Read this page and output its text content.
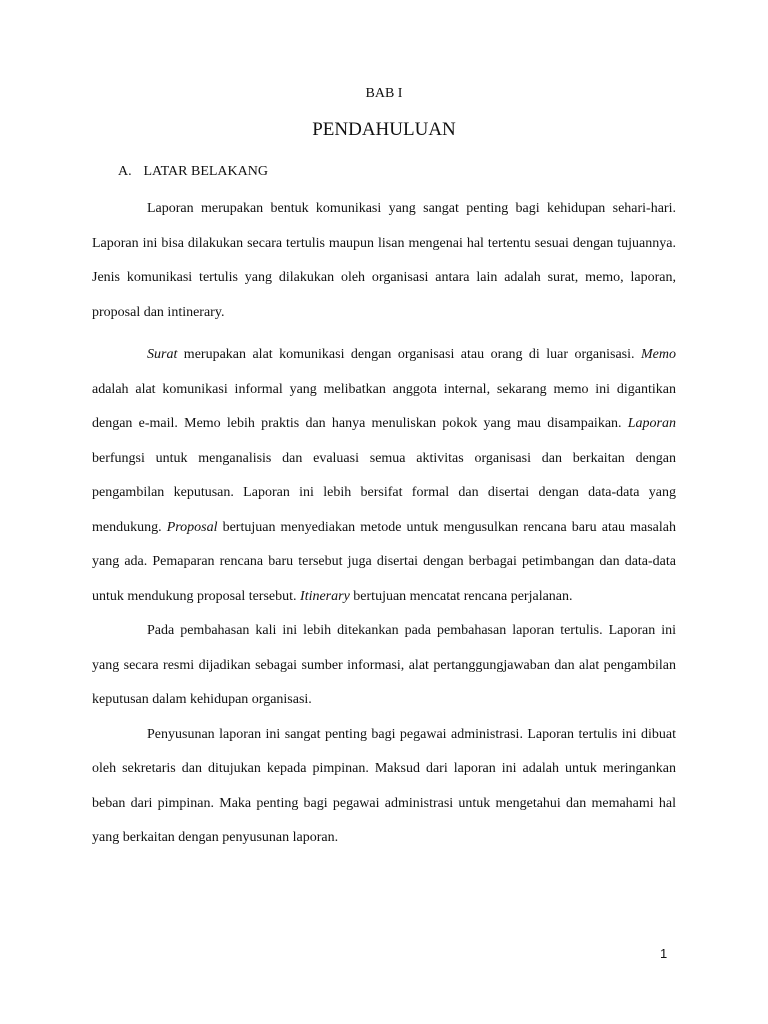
BAB I
PENDAHULUAN
A. LATAR BELAKANG

Laporan merupakan bentuk komunikasi yang sangat penting bagi kehidupan sehari-hari. Laporan ini bisa dilakukan secara tertulis maupun lisan mengenai hal tertentu sesuai dengan tujuannya. Jenis komunikasi tertulis yang dilakukan oleh organisasi antara lain adalah surat, memo, laporan, proposal dan intinerary.

Surat merupakan alat komunikasi dengan organisasi atau orang di luar organisasi. Memo adalah alat komunikasi informal yang melibatkan anggota internal, sekarang memo ini digantikan dengan e-mail. Memo lebih praktis dan hanya menuliskan pokok yang mau disampaikan. Laporan berfungsi untuk menganalisis dan evaluasi semua aktivitas organisasi dan berkaitan dengan pengambilan keputusan. Laporan ini lebih bersifat formal dan disertai dengan data-data yang mendukung. Proposal bertujuan menyediakan metode untuk mengusulkan rencana baru atau masalah yang ada. Pemaparan rencana baru tersebut juga disertai dengan berbagai petimbangan dan data-data untuk mendukung proposal tersebut. Itinerary bertujuan mencatat rencana perjalanan.

Pada pembahasan kali ini lebih ditekankan pada pembahasan laporan tertulis. Laporan ini yang secara resmi dijadikan sebagai sumber informasi, alat pertanggungjawaban dan alat pengambilan keputusan dalam kehidupan organisasi.

Penyusunan laporan ini sangat penting bagi pegawai administrasi. Laporan tertulis ini dibuat oleh sekretaris dan ditujukan kepada pimpinan. Maksud dari laporan ini adalah untuk meringankan beban dari pimpinan. Maka penting bagi pegawai administrasi untuk mengetahui dan memahami hal yang berkaitan dengan penyusunan laporan.

1
